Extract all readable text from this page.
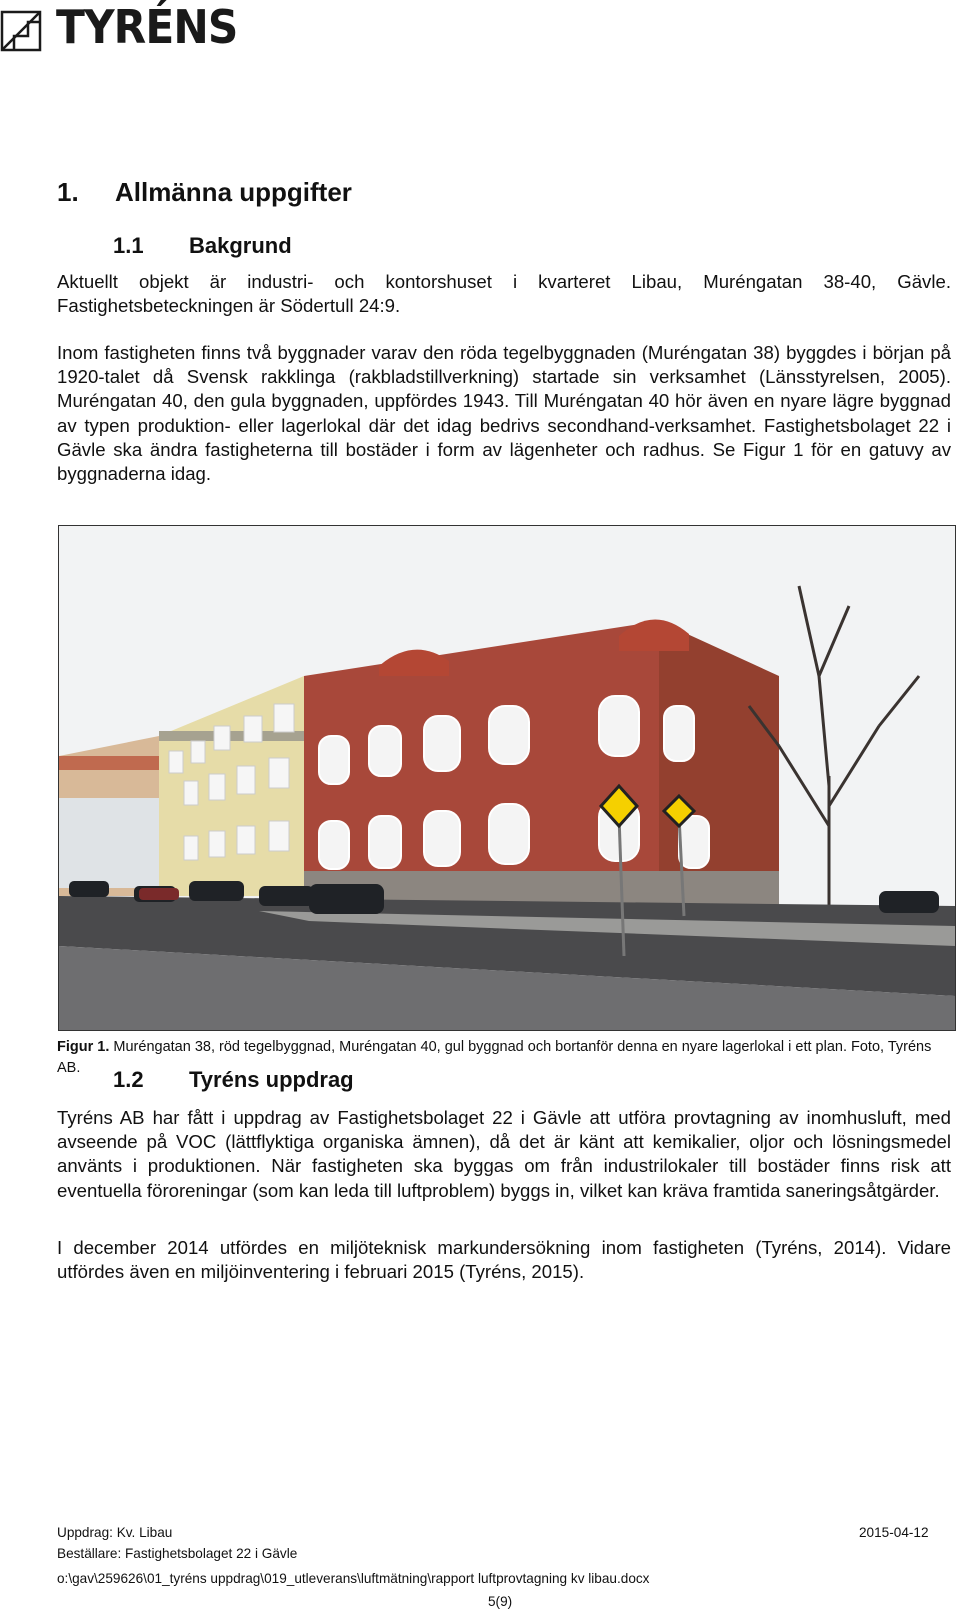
TYRÉNS
1. Allmänna uppgifter
1.1 Bakgrund

Aktuellt objekt är industri- och kontorshuset i kvarteret Libau, Muréngatan 38-40, Gävle. Fastighetsbeteckningen är Södertull 24:9.

Inom fastigheten finns två byggnader varav den röda tegelbyggnaden (Muréngatan 38) byggdes i början på 1920-talet då Svensk rakklinga (rakbladstillverkning) startade sin verksamhet (Länsstyrelsen, 2005). Muréngatan 40, den gula byggnaden, uppfördes 1943. Till Muréngatan 40 hör även en nyare lägre byggnad av typen produktion- eller lagerlokal där det idag bedrivs secondhand-verksamhet. Fastighetsbolaget 22 i Gävle ska ändra fastigheterna till bostäder i form av lägenheter och radhus. Se Figur 1 för en gatuvy av byggnaderna idag.

Figur 1. Muréngatan 38, röd tegelbyggnad, Muréngatan 40, gul byggnad och bortanför denna en nyare lagerlokal i ett plan. Foto, Tyréns AB.	1.2 Tyréns uppdrag

Tyréns AB har fått i uppdrag av Fastighetsbolaget 22 i Gävle att utföra provtagning av inomhusluft, med avseende på VOC (lättflyktiga organiska ämnen), då det är känt att kemikalier, oljor och lösningsmedel använts i produktionen. När fastigheten ska byggas om från industrilokaler till bostäder finns risk att eventuella föroreningar (som kan leda till luftproblem) byggs in, vilket kan kräva framtida saneringsåtgärder.

I december 2014 utfördes en miljöteknisk markundersökning inom fastigheten (Tyréns, 2014). Vidare utfördes även en miljöinventering i februari 2015 (Tyréns, 2015).

Uppdrag: Kv. Libau	2015-04-12
Beställare: Fastighetsbolaget 22 i Gävle
o:\gav\259626\01_tyréns uppdrag\019_utleverans\luftmätning\rapport luftprovtagning kv libau.docx
5(9)
